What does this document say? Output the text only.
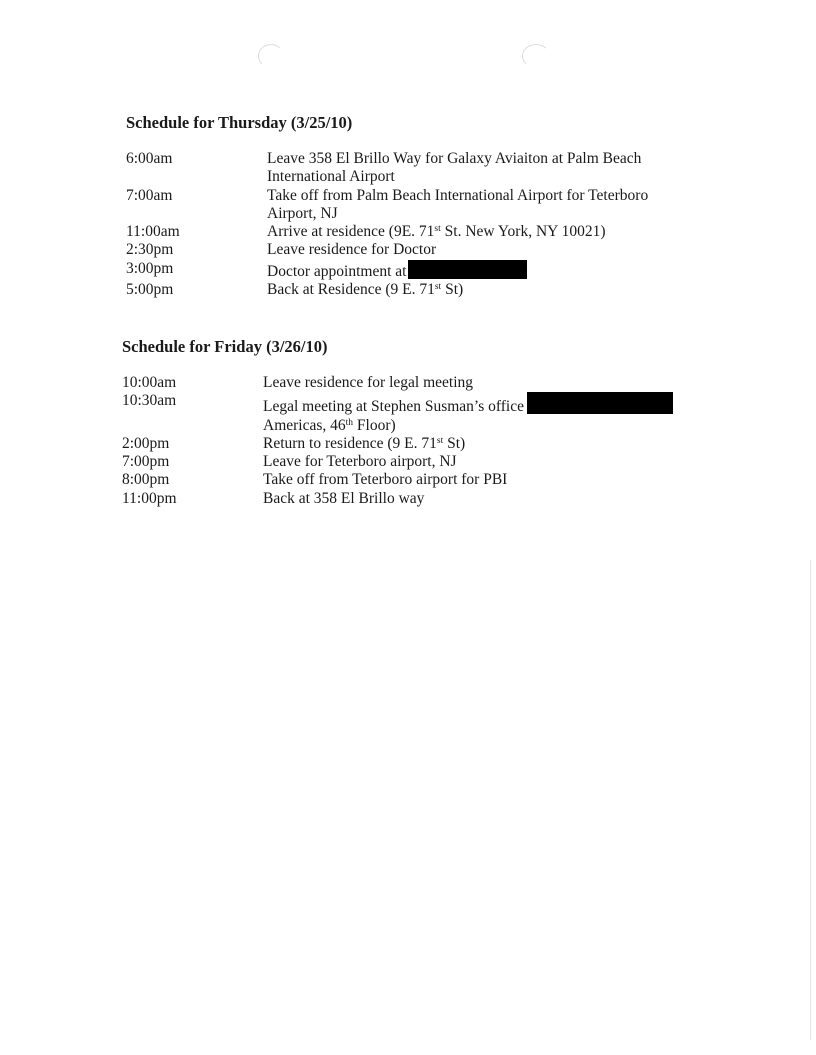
Schedule for Thursday (3/25/10)
6:00am	Leave 358 El Brillo Way for Galaxy Aviaiton at Palm Beach
International Airport
7:00am	Take off from Palm Beach International Airport for Teterboro
Airport, NJ
11:00am	Arrive at residence (9E. 71st St. New York, NY 10021)
2:30pm	Leave residence for Doctor
3:00pm	Doctor appointment at
5:00pm	Back at Residence (9 E. 71st St)
Schedule for Friday (3/26/10)
10:00am	Leave residence for legal meeting
10:30am	Legal meeting at Stephen Susman’s office
Americas, 46th Floor)
2:00pm	Return to residence (9 E. 71st St)
7:00pm	Leave for Teterboro airport, NJ
8:00pm	Take off from Teterboro airport for PBI
11:00pm	Back at 358 El Brillo way
